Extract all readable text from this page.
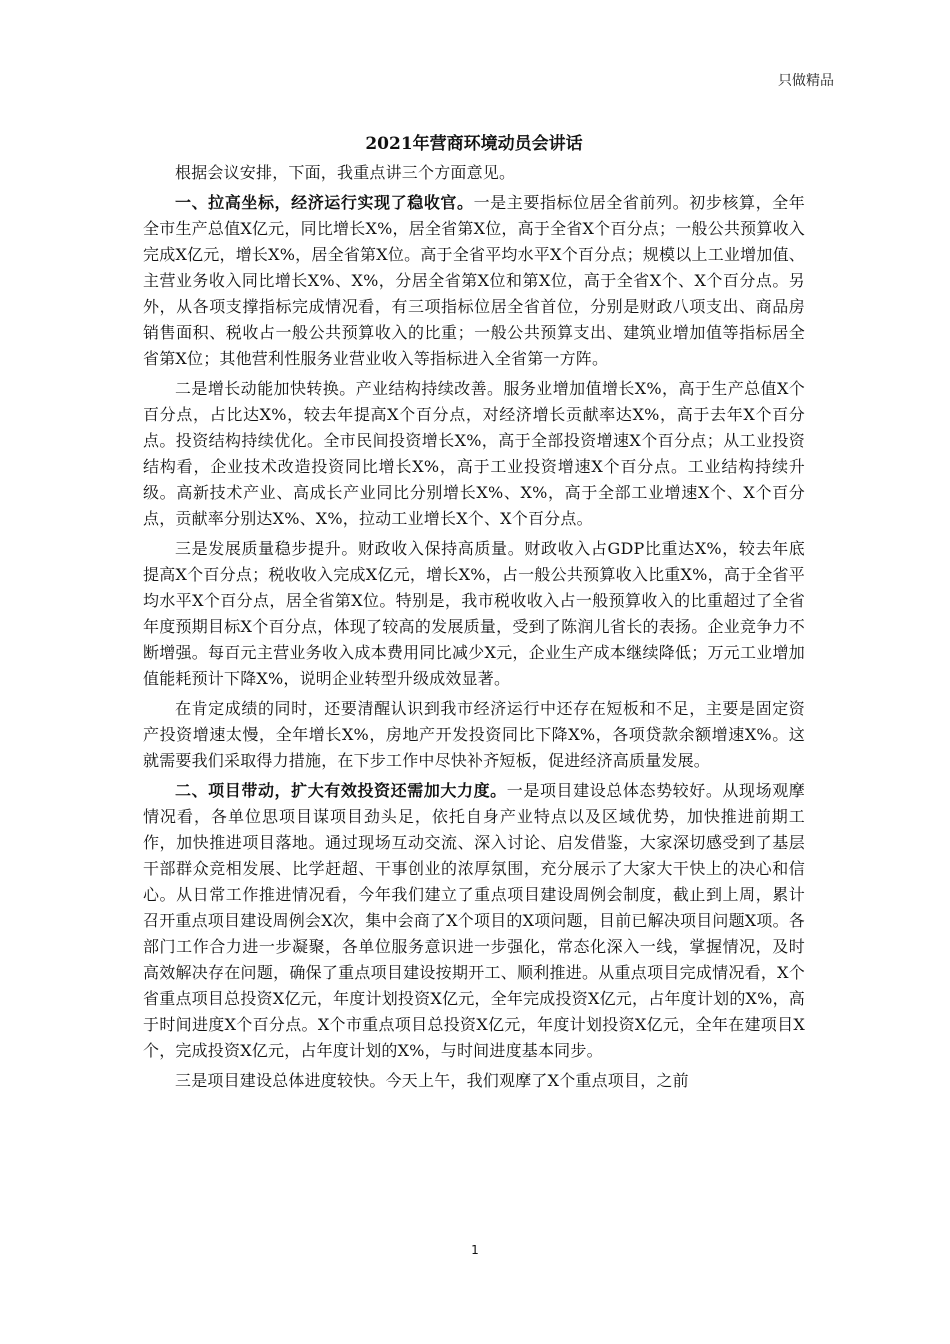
只做精品
2021年营商环境动员会讲话

根据会议安排，下面，我重点讲三个方面意见。

一、拉高坐标，经济运行实现了稳收官。一是主要指标位居全省前列。初步核算，全年全市生产总值X亿元，同比增长X%，居全省第X位，高于全省X个百分点；一般公共预算收入完成X亿元，增长X%，居全省第X位。高于全省平均水平X个百分点；规模以上工业增加值、主营业务收入同比增长X%、X%，分居全省第X位和第X位，高于全省X个、X个百分点。另外，从各项支撑指标完成情况看，有三项指标位居全省首位，分别是财政八项支出、商品房销售面积、税收占一般公共预算收入的比重；一般公共预算支出、建筑业增加值等指标居全省第X位；其他营利性服务业营业收入等指标进入全省第一方阵。

二是增长动能加快转换。产业结构持续改善。服务业增加值增长X%，高于生产总值X个百分点，占比达X%，较去年提高X个百分点，对经济增长贡献率达X%，高于去年X个百分点。投资结构持续优化。全市民间投资增长X%，高于全部投资增速X个百分点；从工业投资结构看，企业技术改造投资同比增长X%，高于工业投资增速X个百分点。工业结构持续升级。高新技术产业、高成长产业同比分别增长X%、X%，高于全部工业增速X个、X个百分点，贡献率分别达X%、X%，拉动工业增长X个、X个百分点。

三是发展质量稳步提升。财政收入保持高质量。财政收入占GDP比重达X%，较去年底提高X个百分点；税收收入完成X亿元，增长X%，占一般公共预算收入比重X%，高于全省平均水平X个百分点，居全省第X位。特别是，我市税收收入占一般预算收入的比重超过了全省年度预期目标X个百分点，体现了较高的发展质量，受到了陈润儿省长的表扬。企业竞争力不断增强。每百元主营业务收入成本费用同比减少X元，企业生产成本继续降低；万元工业增加值能耗预计下降X%，说明企业转型升级成效显著。

在肯定成绩的同时，还要清醒认识到我市经济运行中还存在短板和不足，主要是固定资产投资增速太慢，全年增长X%，房地产开发投资同比下降X%，各项贷款余额增速X%。这就需要我们采取得力措施，在下步工作中尽快补齐短板，促进经济高质量发展。

二、项目带动，扩大有效投资还需加大力度。一是项目建设总体态势较好。从现场观摩情况看，各单位思项目谋项目劲头足，依托自身产业特点以及区域优势，加快推进前期工作，加快推进项目落地。通过现场互动交流、深入讨论、启发借鉴，大家深切感受到了基层干部群众竞相发展、比学赶超、干事创业的浓厚氛围，充分展示了大家大干快上的决心和信心。从日常工作推进情况看，今年我们建立了重点项目建设周例会制度，截止到上周，累计召开重点项目建设周例会X次，集中会商了X个项目的X项问题，目前已解决项目问题X项。各部门工作合力进一步凝聚，各单位服务意识进一步强化，常态化深入一线，掌握情况，及时高效解决存在问题，确保了重点项目建设按期开工、顺利推进。从重点项目完成情况看，X个省重点项目总投资X亿元，年度计划投资X亿元，全年完成投资X亿元，占年度计划的X%，高于时间进度X个百分点。X个市重点项目总投资X亿元，年度计划投资X亿元，全年在建项目X个，完成投资X亿元，占年度计划的X%，与时间进度基本同步。

三是项目建设总体进度较快。今天上午，我们观摩了X个重点项目，之前

1
